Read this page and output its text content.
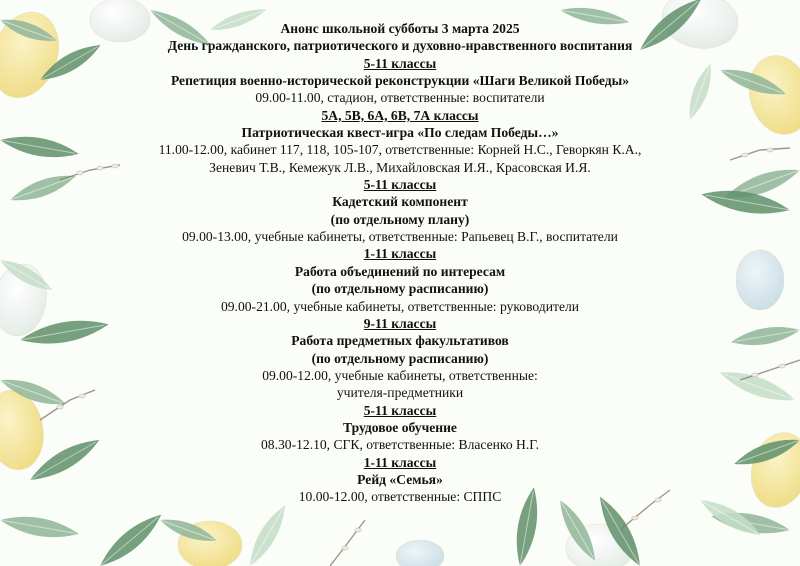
Анонс школьной субботы 3 марта 2025
День гражданского, патриотического и духовно-нравственного воспитания
5-11 классы
Репетиция военно-исторической реконструкции «Шаги Великой Победы»
09.00-11.00, стадион, ответственные: воспитатели
5А, 5В, 6А, 6В, 7А классы
Патриотическая квест-игра «По следам Победы…»
11.00-12.00, кабинет 117, 118, 105-107, ответственные: Корней Н.С., Геворкян К.А.,
Зеневич Т.В., Кемежук Л.В., Михайловская И.Я., Красовская И.Я.
5-11 классы
Кадетский компонент
(по отдельному плану)
09.00-13.00, учебные кабинеты, ответственные: Рапьевец В.Г., воспитатели
1-11 классы
Работа объединений по интересам
(по отдельному расписанию)
09.00-21.00, учебные кабинеты, ответственные: руководители
9-11 классы
Работа предметных факультативов
(по отдельному расписанию)
09.00-12.00, учебные кабинеты, ответственные:
учителя-предметники
5-11 классы
Трудовое обучение
08.30-12.10, СГК, ответственные: Власенко Н.Г.
1-11 классы
Рейд «Семья»
10.00-12.00, ответственные: СППС
